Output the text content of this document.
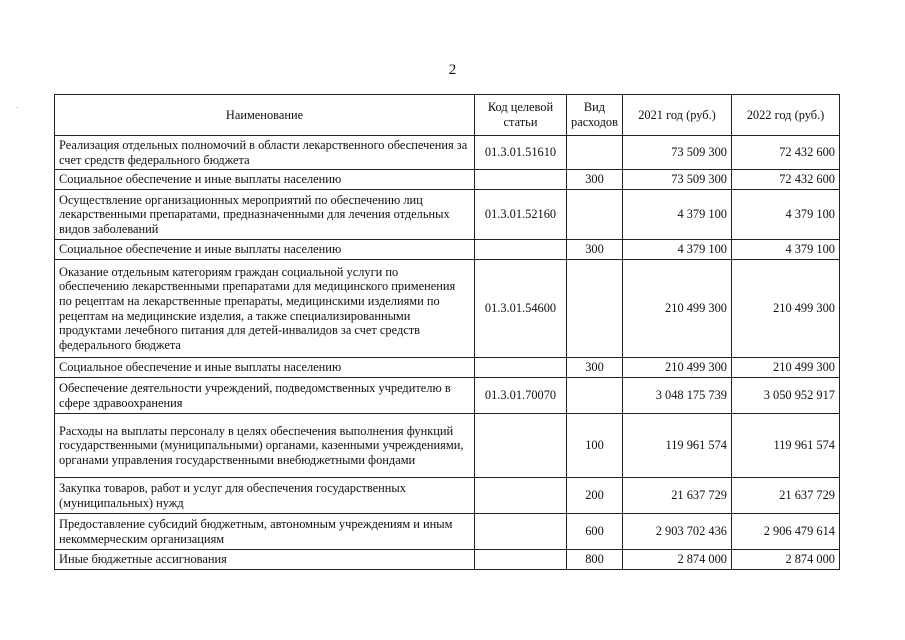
2
Наименование	Код целевой статьи	Вид расходов	2021 год (руб.)	2022 год (руб.)
Реализация отдельных полномочий в области лекарственного обеспечения за счет средств федерального бюджета	01.3.01.51610		73 509 300	72 432 600
Социальное обеспечение и иные выплаты населению		300	73 509 300	72 432 600
Осуществление организационных мероприятий по обеспечению лиц лекарственными препаратами, предназначенными для лечения отдельных видов заболеваний	01.3.01.52160		4 379 100	4 379 100
Социальное обеспечение и иные выплаты населению		300	4 379 100	4 379 100
Оказание отдельным категориям граждан социальной услуги по обеспечению лекарственными препаратами для медицинского применения по рецептам на лекарственные препараты, медицинскими изделиями по рецептам на медицинские изделия, а также специализированными продуктами лечебного питания для детей-инвалидов за счет средств федерального бюджета	01.3.01.54600		210 499 300	210 499 300
Социальное обеспечение и иные выплаты населению		300	210 499 300	210 499 300
Обеспечение деятельности учреждений, подведомственных учредителю в сфере здравоохранения	01.3.01.70070		3 048 175 739	3 050 952 917
Расходы на выплаты персоналу в целях обеспечения выполнения функций государственными (муниципальными) органами, казенными учреждениями, органами управления государственными внебюджетными фондами		100	119 961 574	119 961 574
Закупка товаров, работ и услуг для обеспечения государственных (муниципальных) нужд		200	21 637 729	21 637 729
Предоставление субсидий бюджетным, автономным учреждениям и иным некоммерческим организациям		600	2 903 702 436	2 906 479 614
Иные бюджетные ассигнования		800	2 874 000	2 874 000
